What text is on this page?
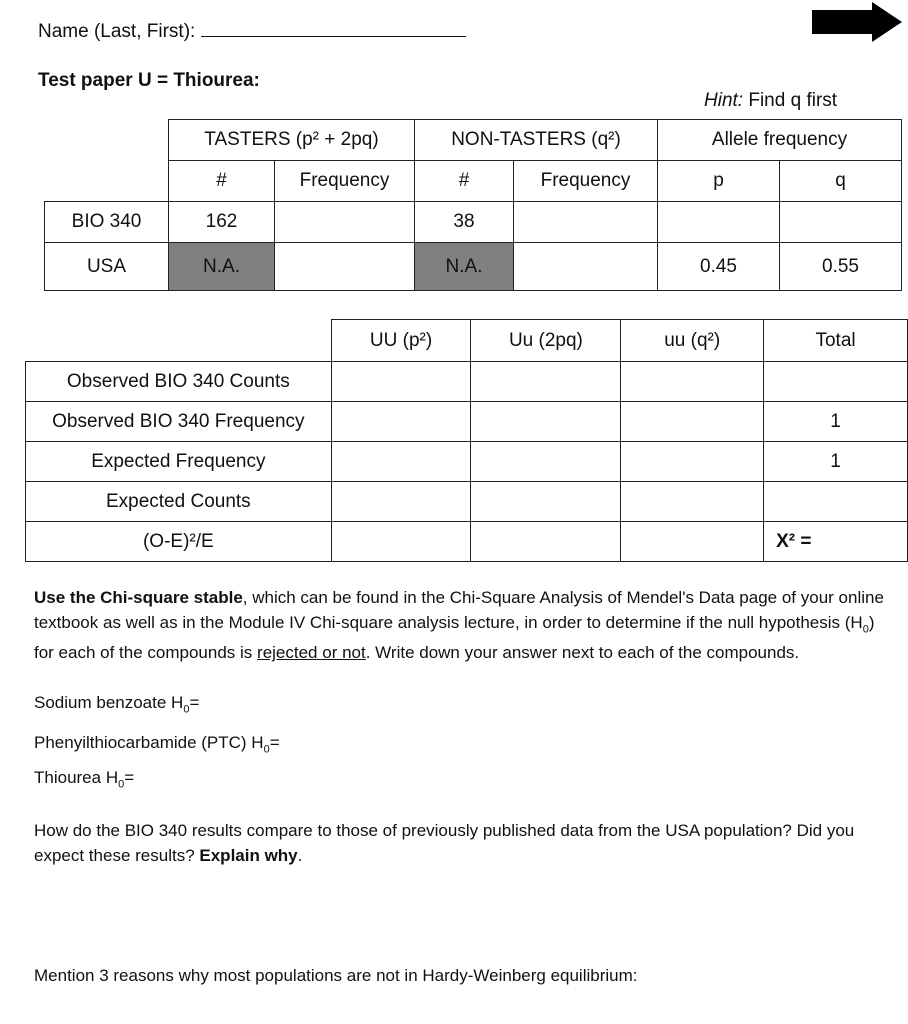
Name (Last, First):
Test paper U = Thiourea:
Hint: Find q first
	TASTERS (p² + 2pq)		NON-TASTERS (q²)		Allele frequency	
	#	Frequency	#	Frequency	p	q
BIO 340	162		38			
USA	N.A.		N.A.		0.45	0.55
	UU (p²)	Uu (2pq)	uu (q²)	Total
Observed BIO 340 Counts				
Observed BIO 340 Frequency				1
Expected Frequency				1
Expected Counts				
(O-E)²/E				X² =
Use the Chi-square stable, which can be found in the Chi-Square Analysis of Mendel's Data page of your online textbook as well as in the Module IV Chi-square analysis lecture, in order to determine if the null hypothesis $(H_0)$ for each of the compounds is rejected or not. Write down your answer next to each of the compounds.
Sodium benzoate $H_0=$
Phenyilthiocarbamide (PTC) $H_0=$
Thiourea $H_0=$
How do the BIO 340 results compare to those of previously published data from the USA population? Did you expect these results? Explain why.
Mention 3 reasons why most populations are not in Hardy-Weinberg equilibrium:
